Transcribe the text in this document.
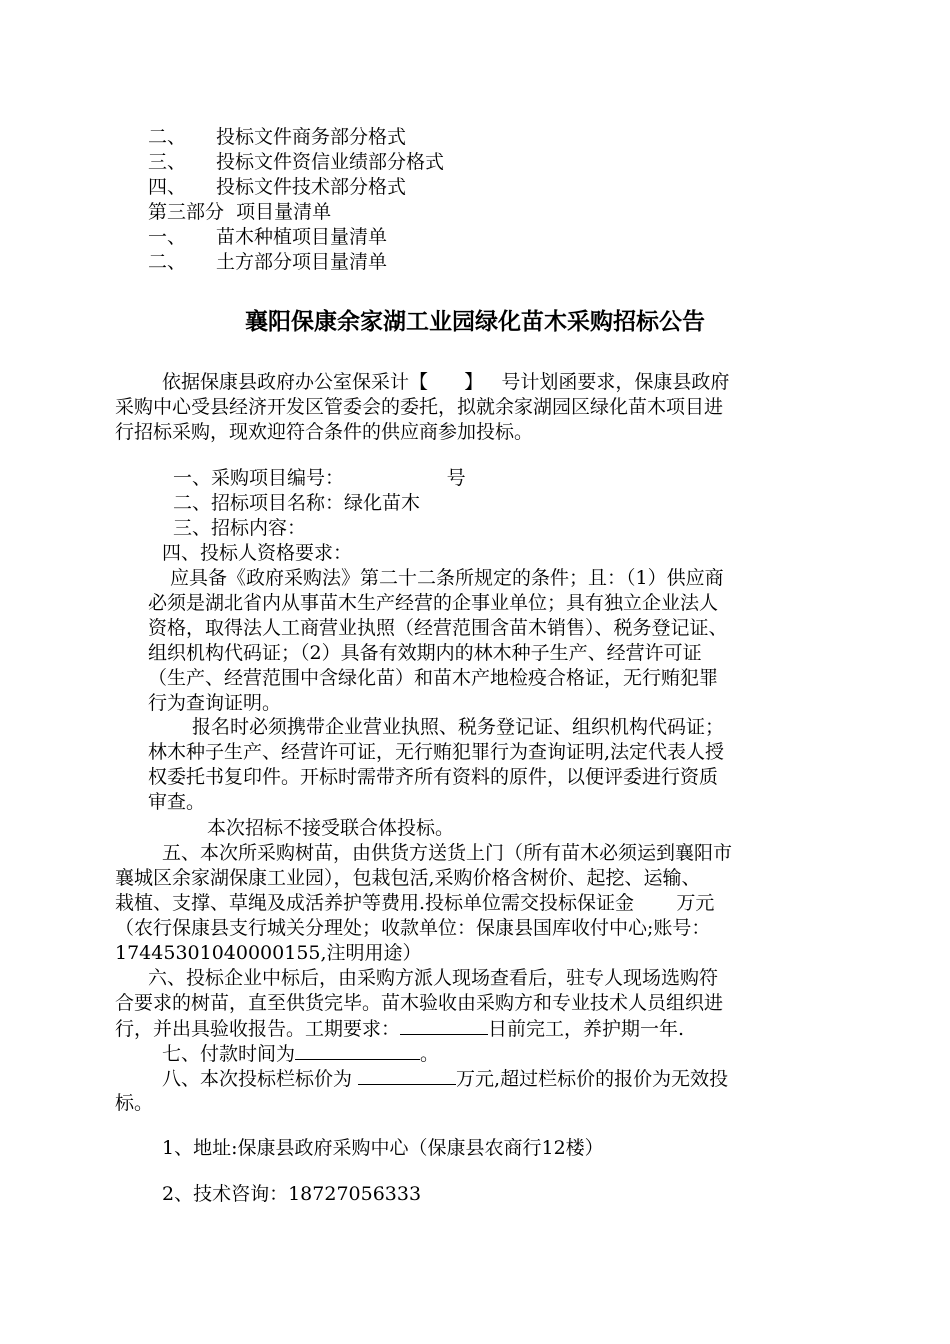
二、 投标文件商务部分格式
三、 投标文件资信业绩部分格式
四、 投标文件技术部分格式
第三部分  项目量清单
一、 苗木种植项目量清单
二、 土方部分项目量清单
襄阳保康余家湖工业园绿化苗木采购招标公告
依据保康县政府办公室保采计【      】   号计划函要求，保康县政府
采购中心受县经济开发区管委会的委托，拟就余家湖园区绿化苗木项目进
行招标采购，现欢迎符合条件的供应商参加投标。
一、采购项目编号：                 号
二、招标项目名称：绿化苗木
三、招标内容：
四、投标人资格要求：
应具备《政府采购法》第二十二条所规定的条件；且：（1）供应商
必须是湖北省内从事苗木生产经营的企事业单位；具有独立企业法人
资格，取得法人工商营业执照（经营范围含苗木销售）、税务登记证、
组织机构代码证；（2）具备有效期内的林木种子生产、经营许可证
（生产、经营范围中含绿化苗）和苗木产地检疫合格证，无行贿犯罪
行为查询证明。
报名时必须携带企业营业执照、税务登记证、组织机构代码证；
林木种子生产、经营许可证，无行贿犯罪行为查询证明,法定代表人授
权委托书复印件。开标时需带齐所有资料的原件，以便评委进行资质
审查。
本次招标不接受联合体投标。
五、本次所采购树苗，由供货方送货上门（所有苗木必须运到襄阳市
襄城区余家湖保康工业园），包栽包活,采购价格含树价、起挖、运输、
栽植、支撑、草绳及成活养护等费用.投标单位需交投标保证金       万元
（农行保康县支行城关分理处；收款单位：保康县国库收付中心;账号：
17445301040000155,注明用途）
六、投标企业中标后，由采购方派人现场查看后，驻专人现场选购符
合要求的树苗，直至供货完毕。苗木验收由采购方和专业技术人员组织进
行，并出具验收报告。工期要求：	日前完工，养护期一年.
七、付款时间为	。
八、本次投标栏标价为	万元,超过栏标价的报价为无效投
标。
1、地址:保康县政府采购中心（保康县农商行12楼）
2、技术咨询：18727056333
